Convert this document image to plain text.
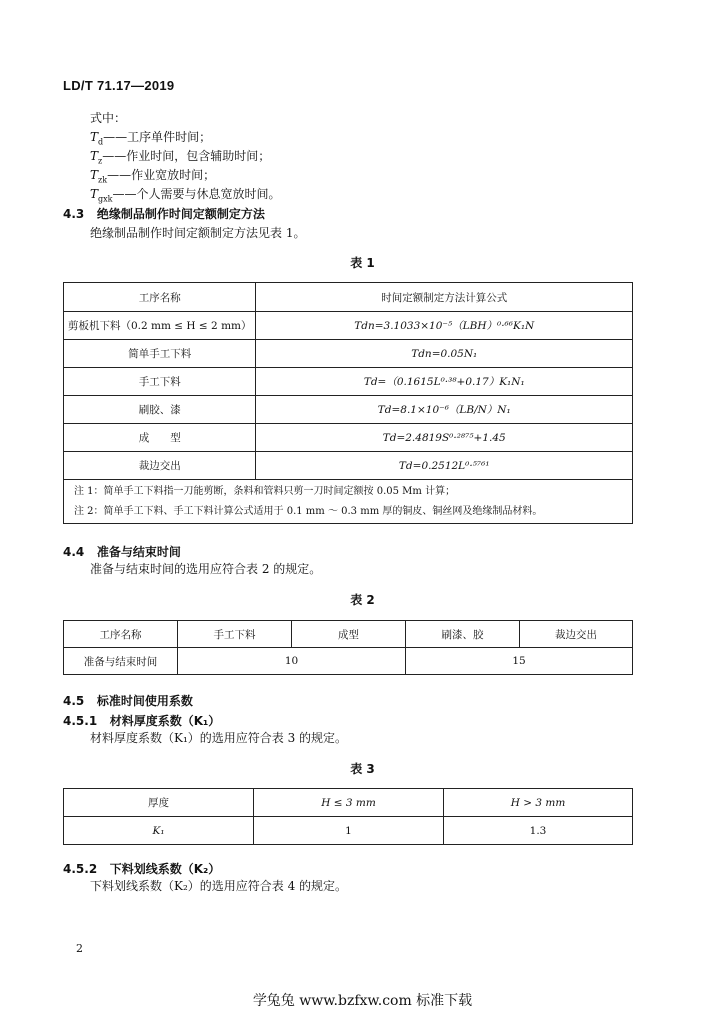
LD/T 71.17—2019
式中：
$T_d——$工序单件时间；
$T_z——$作业时间，包含辅助时间；
$T_{zk}——$作业宽放时间；
$T_{gxk}——$个人需要与休息宽放时间。
4.3 绝缘制品制作时间定额制定方法
绝缘制品制作时间定额制定方法见表 1。
表 1
工序名称	时间定额制定方法计算公式
剪板机下料（0.2 mm ≤ H ≤ 2 mm）	Tdn=3.1033×10⁻⁵（LBH）⁰·⁶⁶K₁N
简单手工下料	Tdn=0.05N₁
手工下料	Td=（0.1615L⁰·³⁸+0.17）K₁N₁
刷胶、漆	Td=8.1×10⁻⁶（LB/N）N₁
成　　型	Td=2.4819S⁰·²⁸⁷⁵+1.45
裁边交出	Td=0.2512L⁰·⁵⁷⁶¹

注 1：简单手工下料指一刀能剪断，条料和管料只剪一刀时间定额按 0.05 Mm 计算；
注 2：简单手工下料、手工下料计算公式适用于 0.1 mm ～ 0.3 mm 厚的铜皮、铜丝网及绝缘制品材料。	
4.4 准备与结束时间
准备与结束时间的选用应符合表 2 的规定。
表 2
工序名称	手工下料	成型	刷漆、胶	裁边交出
准备与结束时间	10		15	
4.5 标准时间使用系数
4.5.1 材料厚度系数（K₁）
材料厚度系数（K₁）的选用应符合表 3 的规定。
表 3
厚度	H ≤ 3 mm	H > 3 mm
K₁	1	1.3
4.5.2 下料划线系数（K₂）
下料划线系数（K₂）的选用应符合表 4 的规定。
2
学兔兔 www.bzfxw.com 标准下载
